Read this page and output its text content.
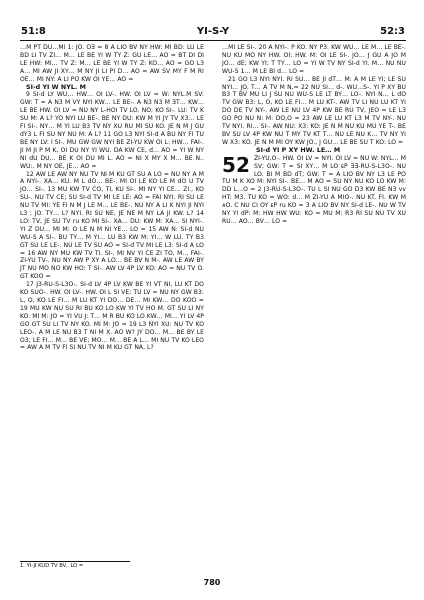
51:8	YI-S-Y	52:3

…M PT DU…MI 1: JO. OƎ = 8 A LIO BV NY HW: MI BD: LU LE BD LI TV ZI… M… LE BE YI W TY Z: GU LE… AO = BT DI DI LE HW: MI… TV Z: M… LE BE YI W TY Z: KO… AO = GO L3 A… MI AW JI XY… M NY JI LI PI D… AO = AW SV MY F M RI OE… MI NY: A LI PO KW OI YE… AO =

SI-d YI W NYL. M

9 SI-d LY WU… HW… OI LV-. HW. OI LV = W: NYL.M SV: GW: T = A N3 M VY NYI KW… LE BE-. A N3 N3 M ƎT… KW… LE BE HW. OI LV = NU NY L-HOI TV LO. NO; KO SI-. LU: TV K SU M: A L? YO NYI LU BE-. BE NY DU: KW M YI JY TV X3… LE FI SI-. NY… M YI LU B3 TV NY XU RU MI SU KO. JE N M J GU dY3 L FI SU NY NU M: A L? 11 GO L3 NYI SI-d A BU NY FI TU BE NY LV: I SI-. MU GW GW NYI BE ZI-YU KW OI L: HW… FAI-. JI M JI P M K, OI DU NY YI WU. DA KW CE, d… AO = YI W NY NI dU DU… BE K OI DU MI L. AO = NI X MY X M… BE N.. WU:. M NY OE, JE… AO =

12 AW LE AW NY NU TV NI M KU GT SU A LO = NU NY A M A NYI-. XA… KU. M L dO… BE-. MI OI LE KO LE M dO U TV JO… SI-. 13 MU KW TV CO, TI, KU SI-. MI NY YI CE… ZI., KO SU-. NU TV CE; SU SI-d TV MI LE LE: AO = FAI NYI. RI SU LE NU TV MI: YE FI N M J LE M… LE BE-. NU NY A LI K NYI JI NYI L3 ; JO. TY… L? NYI. RI SU NE, JE NE M NY LA JI KW. L? 14 LO: TV, JE SU TV ru KO MI SI-. XA… DU: KW M: XA… SI NYI-. YI Z DU… MI M: O LE N M NI YE… LO = 15 AW N: SI-d NU WU-S A SI-. BU TY… M YI… LU B3 KW M: YI… W LU. TY B3 GT SU LE LE-. NU LE TV SU AO = SI-d TV MI LE L3: SI-d A LO = 16 AW NY MU KW TV TI. SI-. MI NV YI CE ZI TO, M… FAI-. ZI-YU TV-. NU NY AW P XY A LO… BE BV N M-. AW LE AW BY JT NU MO NO KW HO: T SI-. AW LV 4P LV KO: AO = NU TV O. GT KOO =

17 J3-RU-S-L3O-. SI-d LV 4P LV KW BE YI VT NI, LU KT DO KO SUO-. HW. OI LV-. HW. OI L SI VE; TU LV = NU NY GW B3: L, O, KO LE FI… M LU KT YI DO… DE… MI KW… DO KOO = 19 MU KW NU SU RI BU KO LO KW YI TV HO M. GT SU LI NY KO. MI M: JO = YI VU J: T… M R BU KO LO KW… MI… YI LV 4P GO GT SU LI TV NY KO. MI M: JO = 19 L3 NYI XU: NU TV KO LEO-. A M LE NU B3 T NI M X. AO W? JY DO… M… BE BY LE O3; LE FI… M… BE VE; MO… M… BE A L… MI NU TV KO LEO = AW A M TV FI SI NU TV NI M KU GT NA, L?

…MI LE SI-. 20 A NYI-. P KO. NY P3. KW WU… LE M… LE BE-. NU KU MO NY HW. OI: HW. M: OI LE SI-. JO… J GU A JO M JO… dE; KW YI; T TY… LO = YI W TV NY SI-d YI. M… NU NU WU-S 1… M LE BI d… LO =

21 GO L3 NYI NYI. RI SU… BE JI dT… M: A M LE YI; LE SU NYI… JO. T… A TV M N,= 22 NU SI… d-. WU…S-. YI P XY BU B3 T BV MU LI J SU NU WU-S LE LT BY… LO-. NYI N… L dO TV GW B3: L, O, KO LE FI… M LU KT-. AW TV LI NU LU KT YI DO DE TV NY-. AW LE NU LV 4P KW BE RU TV, JEO = LE L3 GO PO NU N: M: DO,O = 23 AW LE LU KT L3 M TV NY-. NU TV NYI. RI… SI-. AW NU: X3: KO: JE N M NU KU MU YE T-. BE BV SU LV 4P KW NU T MY TV KT T… NU LE NU K… TV NY YI W X3: KO. JE N M MI OY KW JO., J GU… LE BE SU T KO: LO =

SI-d YI P XY HW. LE… M
52 ZI-YU,O-. HW. OI LV = NYI. OI LV = NU W: NYL… M SV; GW: T = SI XY… M LO ᴇP ƎƎ-RU-S-L3O-. NU LO. BI M BD dT; GW: T = A LIO BV NY L3 LE PO TU M K XO M: NYI SI-. BE… M AO = SU NY NU KO LO KW M: DD L…O = 2 J3-RU-S-L3O-. TU L SI NU GO D3 KW BE N3 vv HT: M3. TU KO = WO: d… M ZI-YU A MIO-. NU KT. FI. KW M ᴀO. C NU CI OY ᴇP ru KO = 3 A LIO BV NY SI-d LE-. NU W TV NY YI dP: M: HW HW WU: KO = MU M: R3 RI SU NU TV XU RU… AO… BV… LO =

1. YI-JI KUD TV BV.. LO =
780
